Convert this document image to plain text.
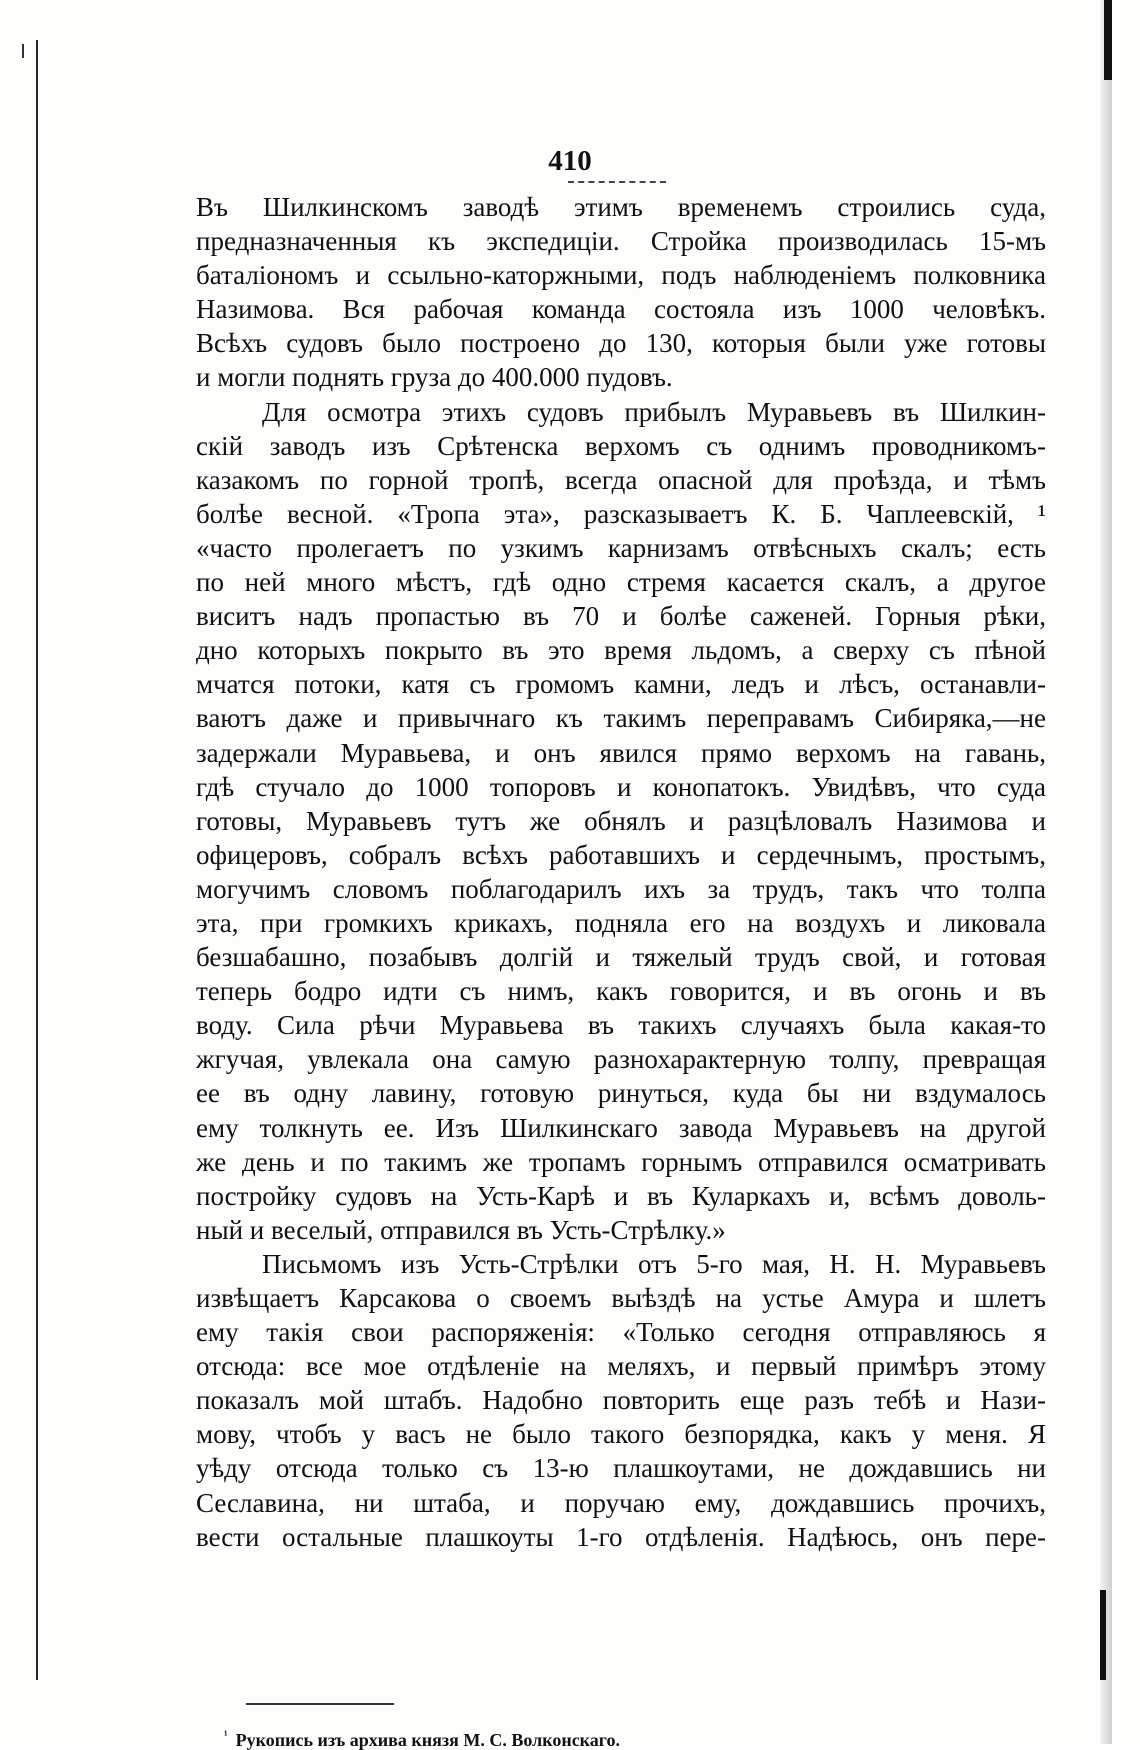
410
Въ Шилкинскомъ заводѣ этимъ временемъ строились суда,
предназначенныя къ экспедиціи. Стройка производилась 15-мъ
баталіономъ и ссыльно-каторжными, подъ наблюденіемъ полковника
Назимова. Вся рабочая команда состояла изъ 1000 человѣкъ.
Всѣхъ судовъ было построено до 130, которыя были уже готовы
и могли поднять груза до 400.000 пудовъ.
Для осмотра этихъ судовъ прибылъ Муравьевъ въ Шилкин-
скій заводъ изъ Срѣтенска верхомъ съ однимъ проводникомъ-
казакомъ по горной тропѣ, всегда опасной для проѣзда, и тѣмъ
болѣе весной. «Тропа эта», разсказываетъ К. Б. Чаплеевскій, ¹
«часто пролегаетъ по узкимъ карнизамъ отвѣсныхъ скалъ; есть
по ней много мѣстъ, гдѣ одно стремя касается скалъ, а другое
виситъ надъ пропастью въ 70 и болѣе саженей. Горныя рѣки,
дно которыхъ покрыто въ это время льдомъ, а сверху съ пѣной
мчатся потоки, катя съ громомъ камни, ледъ и лѣсъ, останавли-
ваютъ даже и привычнаго къ такимъ переправамъ Сибиряка,—не
задержали Муравьева, и онъ явился прямо верхомъ на гавань,
гдѣ стучало до 1000 топоровъ и конопатокъ. Увидѣвъ, что суда
готовы, Муравьевъ тутъ же обнялъ и разцѣловалъ Назимова и
офицеровъ, собралъ всѣхъ работавшихъ и сердечнымъ, простымъ,
могучимъ словомъ поблагодарилъ ихъ за трудъ, такъ что толпа
эта, при громкихъ крикахъ, подняла его на воздухъ и ликовала
безшабашно, позабывъ долгій и тяжелый трудъ свой, и готовая
теперь бодро идти съ нимъ, какъ говорится, и въ огонь и въ
воду. Сила рѣчи Муравьева въ такихъ случаяхъ была какая-то
жгучая, увлекала она самую разнохарактерную толпу, превращая
ее въ одну лавину, готовую ринуться, куда бы ни вздумалось
ему толкнуть ее. Изъ Шилкинскаго завода Муравьевъ на другой
же день и по такимъ же тропамъ горнымъ отправился осматривать
постройку судовъ на Усть-Карѣ и въ Куларкахъ и, всѣмъ доволь-
ный и веселый, отправился въ Усть-Стрѣлку.»
Письмомъ изъ Усть-Стрѣлки отъ 5-го мая, Н. Н. Муравьевъ
извѣщаетъ Карсакова о своемъ выѣздѣ на устье Амура и шлетъ
ему такія свои распоряженія: «Только сегодня отправляюсь я
отсюда: все мое отдѣленіе на меляхъ, и первый примѣръ этому
показалъ мой штабъ. Надобно повторить еще разъ тебѣ и Нази-
мову, чтобъ у васъ не было такого безпорядка, какъ у меня. Я
уѣду отсюда только съ 13-ю плашкоутами, не дождавшись ни
Сеславина, ни штаба, и поручаю ему, дождавшись прочихъ,
вести остальные плашкоуты 1-го отдѣленія. Надѣюсь, онъ пере-
$^{^1}$ Рукопись изъ архива князя М. С. Волконскаго.
